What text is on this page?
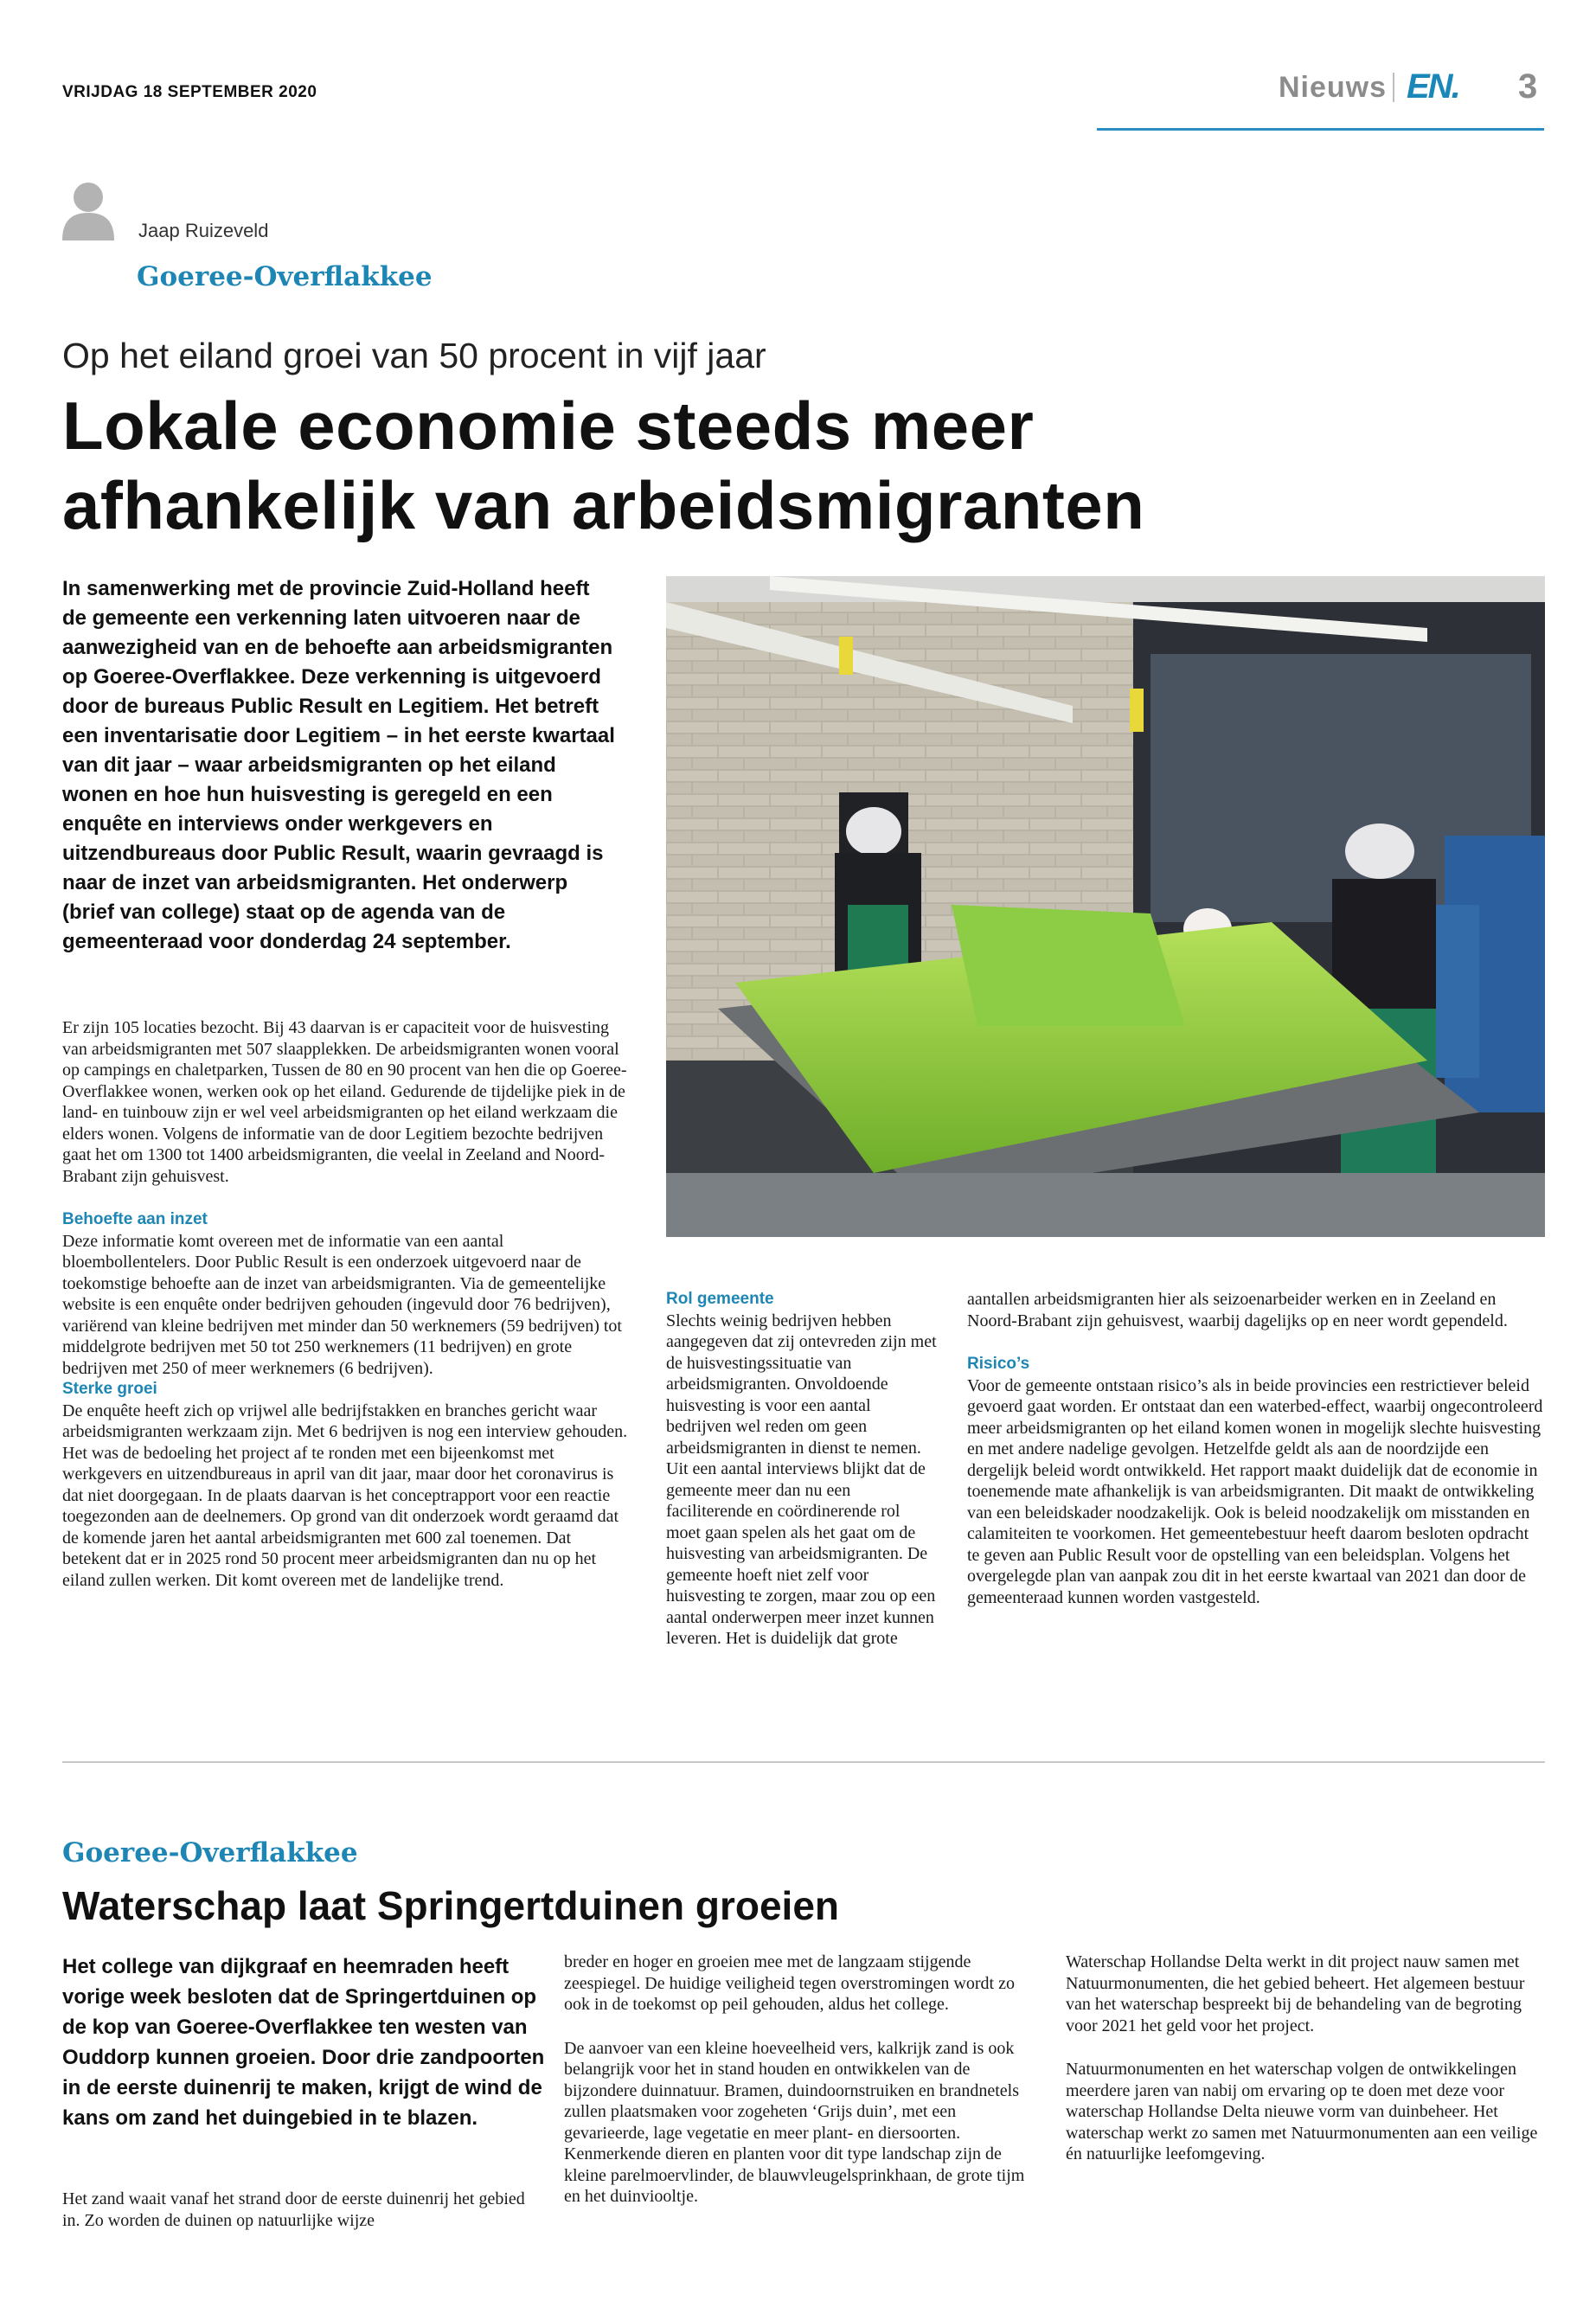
VRIJDAG 18 SEPTEMBER 2020	Nieuws EN. 3
Jaap Ruizeveld
Goeree-Overflakkee
Op het eiland groei van 50 procent in vijf jaar
Lokale economie steeds meer afhankelijk van arbeidsmigranten
In samenwerking met de provincie Zuid-Holland heeft de gemeente een verkenning laten uitvoeren naar de aanwezigheid van en de behoefte aan arbeidsmigranten op Goeree-Overflakkee. Deze verkenning is uitgevoerd door de bureaus Public Result en Legitiem. Het betreft een inventarisatie door Legitiem – in het eerste kwartaal van dit jaar – waar arbeidsmigranten op het eiland wonen en hoe hun huisvesting is geregeld en een enquête en interviews onder werkgevers en uitzendbureaus door Public Result, waarin gevraagd is naar de inzet van arbeidsmigranten. Het onderwerp (brief van college) staat op de agenda van de gemeenteraad voor donderdag 24 september.

Er zijn 105 locaties bezocht. Bij 43 daarvan is er capaciteit voor de huisvesting van arbeidsmigranten met 507 slaapplekken. De arbeidsmigranten wonen vooral op campings en chaletparken, Tussen de 80 en 90 procent van hen die op Goeree-Overflakkee wonen, werken ook op het eiland. Gedurende de tijdelijke piek in de land- en tuinbouw zijn er wel veel arbeidsmigranten op het eiland werkzaam die elders wonen. Volgens de informatie van de door Legitiem bezochte bedrijven gaat het om 1300 tot 1400 arbeidsmigranten, die veelal in Zeeland and Noord-Brabant zijn gehuisvest.

Behoefte aan inzet

Deze informatie komt overeen met de informatie van een aantal bloembollentelers. Door Public Result is een onderzoek uitgevoerd naar de toekomstige behoefte aan de inzet van arbeidsmigranten. Via de gemeentelijke website is een enquête onder bedrijven gehouden (ingevuld door 76 bedrijven), variërend van kleine bedrijven met minder dan 50 werknemers (59 bedrijven) tot middelgrote bedrijven met 50 tot 250 werknemers (11 bedrijven) en grote bedrijven met 250 of meer werknemers (6 bedrijven).

Sterke groei

De enquête heeft zich op vrijwel alle bedrijfstakken en branches gericht waar arbeidsmigranten werkzaam zijn. Met 6 bedrijven is nog een interview gehouden. Het was de bedoeling het project af te ronden met een bijeenkomst met werkgevers en uitzendbureaus in april van dit jaar, maar door het coronavirus is dat niet doorgegaan. In de plaats daarvan is het conceptrapport voor een reactie toegezonden aan de deelnemers. Op grond van dit onderzoek wordt geraamd dat de komende jaren het aantal arbeidsmigranten met 600 zal toenemen. Dat betekent dat er in 2025 rond 50 procent meer arbeidsmigranten dan nu op het eiland zullen werken. Dit komt overeen met de landelijke trend.

Rol gemeente

Slechts weinig bedrijven hebben aangegeven dat zij ontevreden zijn met de huisvestingssituatie van arbeidsmigranten. Onvoldoende huisvesting is voor een aantal bedrijven wel reden om geen arbeidsmigranten in dienst te nemen. Uit een aantal interviews blijkt dat de gemeente meer dan nu een faciliterende en coördinerende rol moet gaan spelen als het gaat om de huisvesting van arbeidsmigranten. De gemeente hoeft niet zelf voor huisvesting te zorgen, maar zou op een aantal onderwerpen meer inzet kunnen leveren. Het is duidelijk dat grote

aantallen arbeidsmigranten hier als seizoenarbeider werken en in Zeeland en Noord-Brabant zijn gehuisvest, waarbij dagelijks op en neer wordt gependeld.

Risico’s

Voor de gemeente ontstaan risico’s als in beide provincies een restrictiever beleid gevoerd gaat worden. Er ontstaat dan een waterbed-effect, waarbij ongecontroleerd meer arbeidsmigranten op het eiland komen wonen in mogelijk slechte huisvesting en met andere nadelige gevolgen. Hetzelfde geldt als aan de noordzijde een dergelijk beleid wordt ontwikkeld. Het rapport maakt duidelijk dat de economie in toenemende mate afhankelijk is van arbeidsmigranten. Dit maakt de ontwikkeling van een beleidskader noodzakelijk. Ook is beleid noodzakelijk om misstanden en calamiteiten te voorkomen. Het gemeentebestuur heeft daarom besloten opdracht te geven aan Public Result voor de opstelling van een beleidsplan. Volgens het overgelegde plan van aanpak zou dit in het eerste kwartaal van 2021 dan door de gemeenteraad kunnen worden vastgesteld.

Goeree-Overflakkee
Waterschap laat Springertduinen groeien
Het college van dijkgraaf en heemraden heeft vorige week besloten dat de Springertduinen op de kop van Goeree-Overflakkee ten westen van Ouddorp kunnen groeien. Door drie zandpoorten in de eerste duinenrij te maken, krijgt de wind de kans om zand het duingebied in te blazen.

Het zand waait vanaf het strand door de eerste duinenrij het gebied in. Zo worden de duinen op natuurlijke wijze

breder en hoger en groeien mee met de langzaam stijgende zeespiegel. De huidige veiligheid tegen overstromingen wordt zo ook in de toekomst op peil gehouden, aldus het college.

De aanvoer van een kleine hoeveelheid vers, kalkrijk zand is ook belangrijk voor het in stand houden en ontwikkelen van de bijzondere duinnatuur. Bramen, duindoornstruiken en brandnetels zullen plaatsmaken voor zogeheten ‘Grijs duin’, met een gevarieerde, lage vegetatie en meer plant- en diersoorten. Kenmerkende dieren en planten voor dit type landschap zijn de kleine parelmoervlinder, de blauwvleugelsprinkhaan, de grote tijm en het duinviooltje.

Waterschap Hollandse Delta werkt in dit project nauw samen met Natuurmonumenten, die het gebied beheert. Het algemeen bestuur van het waterschap bespreekt bij de behandeling van de begroting voor 2021 het geld voor het project.

Natuurmonumenten en het waterschap volgen de ontwikkelingen meerdere jaren van nabij om ervaring op te doen met deze voor waterschap Hollandse Delta nieuwe vorm van duinbeheer. Het waterschap werkt zo samen met Natuurmonumenten aan een veilige én natuurlijke leefomgeving.
